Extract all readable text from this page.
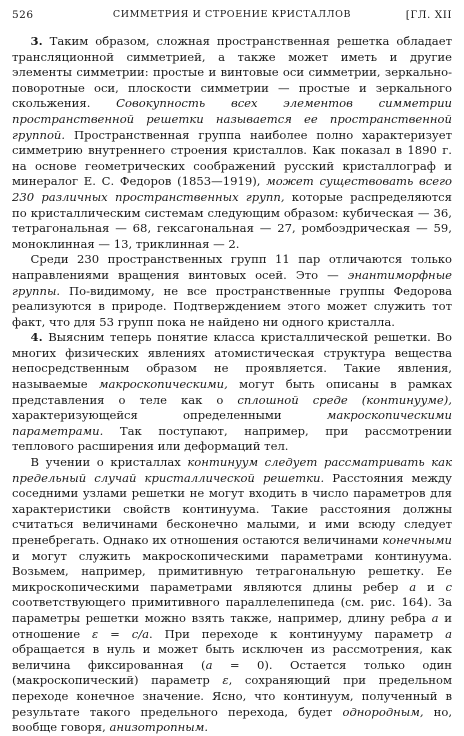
526	СИММЕТРИЯ И СТРОЕНИЕ КРИСТАЛЛОВ	[ГЛ. XII

3. Таким образом, сложная пространственная решетка обладает трансляционной симметрией, а также может иметь и другие элементы симметрии: простые и винтовые оси симметрии, зеркально-поворотные оси, плоскости симметрии — простые и зеркального скольжения. Совокупность всех элементов симметрии пространственной решетки называется ее пространственной группой. Пространственная группа наиболее полно характеризует симметрию внутреннего строения кристаллов. Как показал в 1890 г. на основе геометрических соображений русский кристаллограф и минералог Е. С. Федоров (1853—1919), может существовать всего 230 различных пространственных групп, которые распределяются по кристаллическим системам следующим образом: кубическая — 36, тетрагональная — 68, гексагональная — 27, ромбоэдрическая — 59, моноклинная — 13, триклинная — 2.

Среди 230 пространственных групп 11 пар отличаются только направлениями вращения винтовых осей. Это — энантиморфные группы. По-видимому, не все пространственные группы Федорова реализуются в природе. Подтверждением этого может служить тот факт, что для 53 групп пока не найдено ни одного кристалла.

4. Выясним теперь понятие класса кристаллической решетки. Во многих физических явлениях атомистическая структура вещества непосредственным образом не проявляется. Такие явления, называемые макроскопическими, могут быть описаны в рамках представления о теле как о сплошной среде (континууме), характеризующейся определенными макроскопическими параметрами. Так поступают, например, при рассмотрении теплового расширения или деформаций тел.

В учении о кристаллах континуум следует рассматривать как предельный случай кристаллической решетки. Расстояния между соседними узлами решетки не могут входить в число параметров для характеристики свойств континуума. Такие расстояния должны считаться величинами бесконечно малыми, и ими всюду следует пренебрегать. Однако их отношения остаются величинами конечными и могут служить макроскопическими параметрами континуума. Возьмем, например, примитивную тетрагональную решетку. Ее микроскопическими параметрами являются длины ребер a и c соответствующего примитивного параллелепипеда (см. рис. 164). За параметры решетки можно взять также, например, длину ребра a и отношение ε = c/a. При переходе к континууму параметр a обращается в нуль и может быть исключен из рассмотрения, как величина фиксированная (a = 0). Остается только один (макроскопический) параметр ε, сохраняющий при предельном переходе конечное значение. Ясно, что континуум, полученный в результате такого предельного перехода, будет однородным, но, вообще говоря, анизотропным.
